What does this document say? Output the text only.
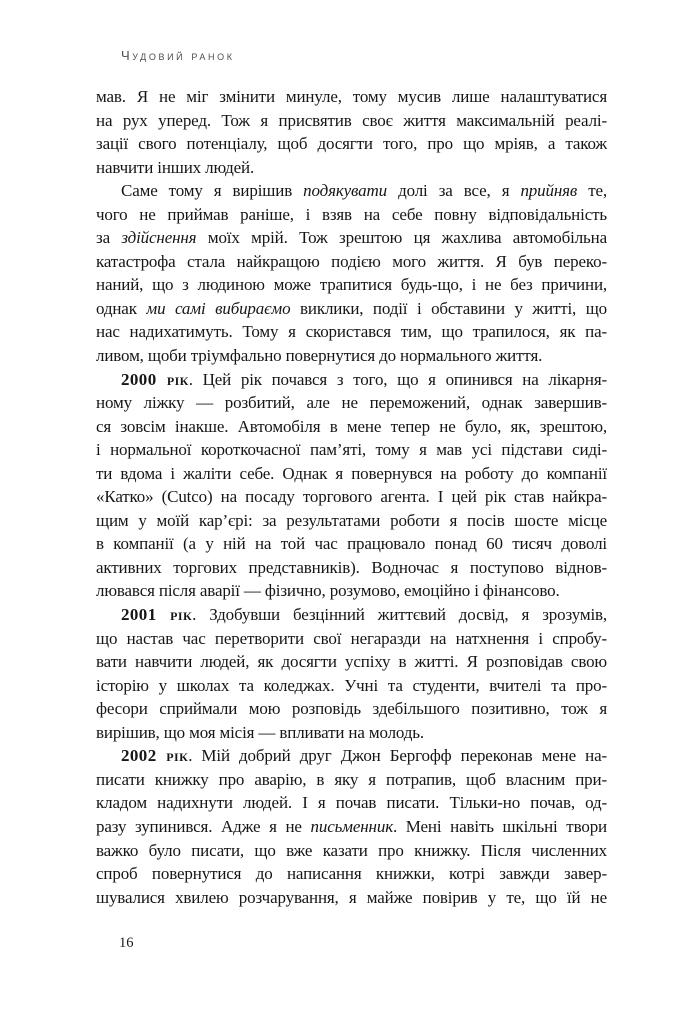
Чудовий ранок
мав. Я не міг змінити минуле, тому мусив лише налаштуватися
на рух уперед. Тож я присвятив своє життя максимальній реалі-
зації свого потенціалу, щоб досягти того, про що мріяв, а також
навчити інших людей.
Саме тому я вирішив подякувати долі за все, я прийняв те,
чого не приймав раніше, і взяв на себе повну відповідальність
за здійснення моїх мрій. Тож зрештою ця жахлива автомобільна
катастрофа стала найкращою подією мого життя. Я був переко-
наний, що з людиною може трапитися будь-що, і не без причини,
однак ми самі вибираємо виклики, події і обставини у житті, що
нас надихатимуть. Тому я скористався тим, що трапилося, як па-
ливом, щоби тріумфально повернутися до нормального життя.
2000 рік. Цей рік почався з того, що я опинився на лікарня-
ному ліжку — розбитий, але не переможений, однак завершив-
ся зовсім інакше. Автомобіля в мене тепер не було, як, зрештою,
і нормальної короткочасної пам’яті, тому я мав усі підстави сиді-
ти вдома і жаліти себе. Однак я повернувся на роботу до компанії
«Катко» (Cutco) на посаду торгового агента. І цей рік став найкра-
щим у моїй кар’єрі: за результатами роботи я посів шосте місце
в компанії (а у ній на той час працювало понад 60 тисяч доволі
активних торгових представників). Водночас я поступово віднов-
лювався після аварії — фізично, розумово, емоційно і фінансово.
2001 рік. Здобувши безцінний життєвий досвід, я зрозумів,
що настав час перетворити свої негаразди на натхнення і спробу-
вати навчити людей, як досягти успіху в житті. Я розповідав свою
історію у школах та коледжах. Учні та студенти, вчителі та про-
фесори сприймали мою розповідь здебільшого позитивно, тож я
вирішив, що моя місія — впливати на молодь.
2002 рік. Мій добрий друг Джон Бергофф переконав мене на-
писати книжку про аварію, в яку я потрапив, щоб власним при-
кладом надихнути людей. І я почав писати. Тільки-но почав, од-
разу зупинився. Адже я не письменник. Мені навіть шкільні твори
важко було писати, що вже казати про книжку. Після численних
спроб повернутися до написання книжки, котрі завжди завер-
шувалися хвилею розчарування, я майже повірив у те, що їй не
16
